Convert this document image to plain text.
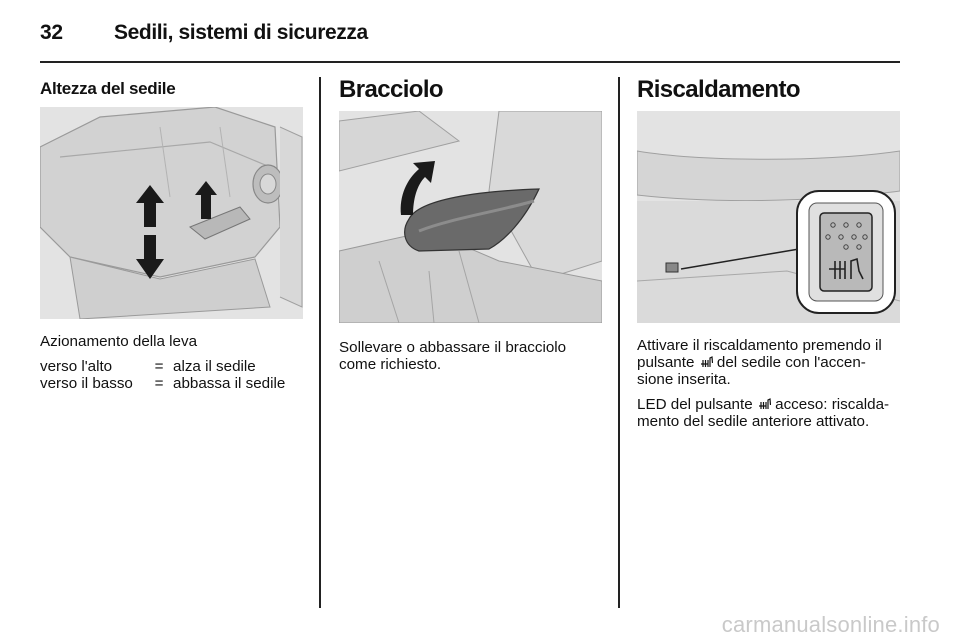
32 Sedili, sistemi di sicurezza
Altezza del sedile
Azionamento della leva
verso l'alto	=	alza il sedile
verso il basso	=	abbassa il sedile
Bracciolo
Sollevare o abbassare il bracciolo
come richiesto.
Riscaldamento
Attivare il riscaldamento premendo il
pulsante del sedile con l'accen-
sione inserita.
LED del pulsante acceso: riscalda-
mento del sedile anteriore attivato.
carmanualsonline.info
